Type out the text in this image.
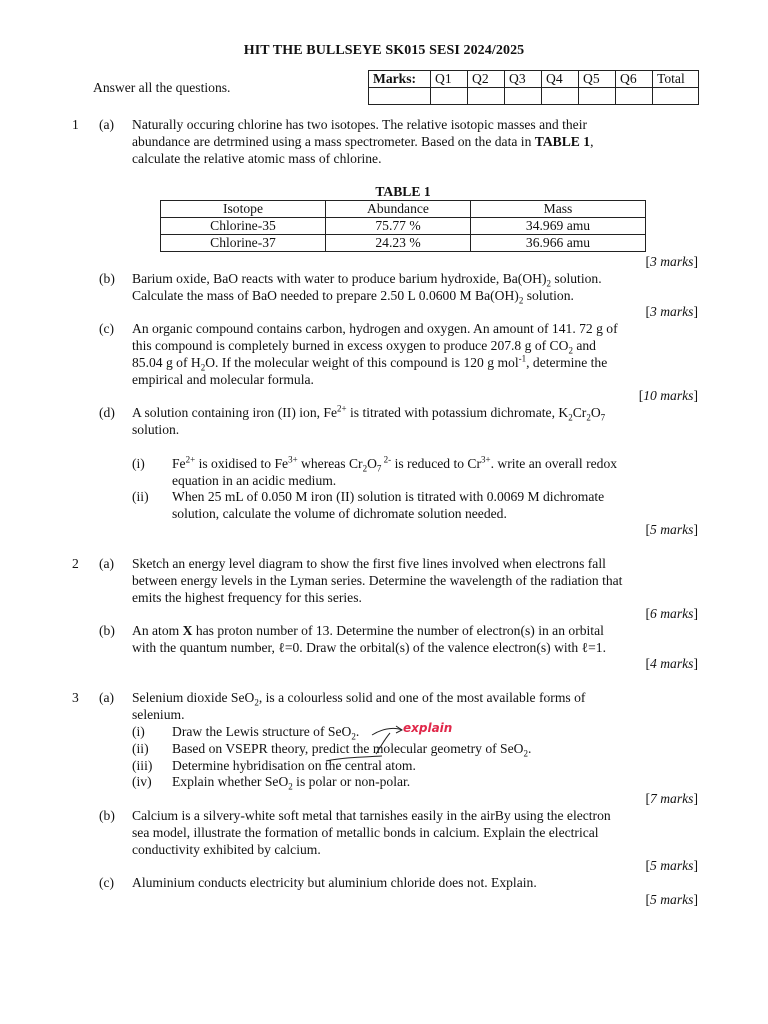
HIT THE BULLSEYE SK015 SESI 2024/2025
Answer all the questions.
Marks:	Q1	Q2	Q3	Q4	Q5	Q6	Total

1 (a) Naturally occuring chlorine has two isotopes. The relative isotopic masses and their
abundance are detrmined using a mass spectrometer. Based on the data in TABLE 1,
calculate the relative atomic mass of chlorine.
TABLE 1
Isotope	Abundance	Mass
Chlorine-35	75.77 %	34.969 amu
Chlorine-37	24.23 %	36.966 amu
[3 marks]
(b) Barium oxide, BaO reacts with water to produce barium hydroxide, $Ba(OH)_2$ solution.
Calculate the mass of BaO needed to prepare 2.50 L 0.0600 M $Ba(OH)_2$ solution.
[3 marks]
(c) An organic compound contains carbon, hydrogen and oxygen. An amount of 141. 72 g of
this compound is completely burned in excess oxygen to produce 207.8 g of $CO_2$ and
85.04 g of $H_2O$. If the molecular weight of this compound is 120 g mol$^{-1}$, determine the
empirical and molecular formula.
[10 marks]
(d) A solution containing iron (II) ion, $Fe^{2+}$ is titrated with potassium dichromate, $K_2Cr_2O_7$
solution.
(i) $Fe^{2+}$ is oxidised to $Fe^{3+}$ whereas $Cr_2O_7$ $^{2-}$ is reduced to $Cr^{3+}$. write an overall redox
equation in an acidic medium.
(ii) When 25 mL of 0.050 M iron (II) solution is titrated with 0.0069 M dichromate
solution, calculate the volume of dichromate solution needed.
[5 marks]
2 (a) Sketch an energy level diagram to show the first five lines involved when electrons fall
between energy levels in the Lyman series. Determine the wavelength of the radiation that
emits the highest frequency for this series.
[6 marks]
(b) An atom X has proton number of 13. Determine the number of electron(s) in an orbital
with the quantum number, ℓ=0. Draw the orbital(s) of the valence electron(s) with ℓ=1.
[4 marks]
3 (a) Selenium dioxide SeO$_2$, is a colourless solid and one of the most available forms of
selenium.
(i) Draw the Lewis structure of SeO$_2$.
(ii) Based on VSEPR theory, predict the molecular geometry of SeO$_2$.
(iii) Determine hybridisation on the central atom.
(iv) Explain whether SeO$_2$ is polar or non-polar.
explain
[7 marks]
(b) Calcium is a silvery-white soft metal that tarnishes easily in the airBy using the electron
sea model, illustrate the formation of metallic bonds in calcium. Explain the electrical
conductivity exhibited by calcium.
[5 marks]
(c) Aluminium conducts electricity but aluminium chloride does not. Explain.
[5 marks]
